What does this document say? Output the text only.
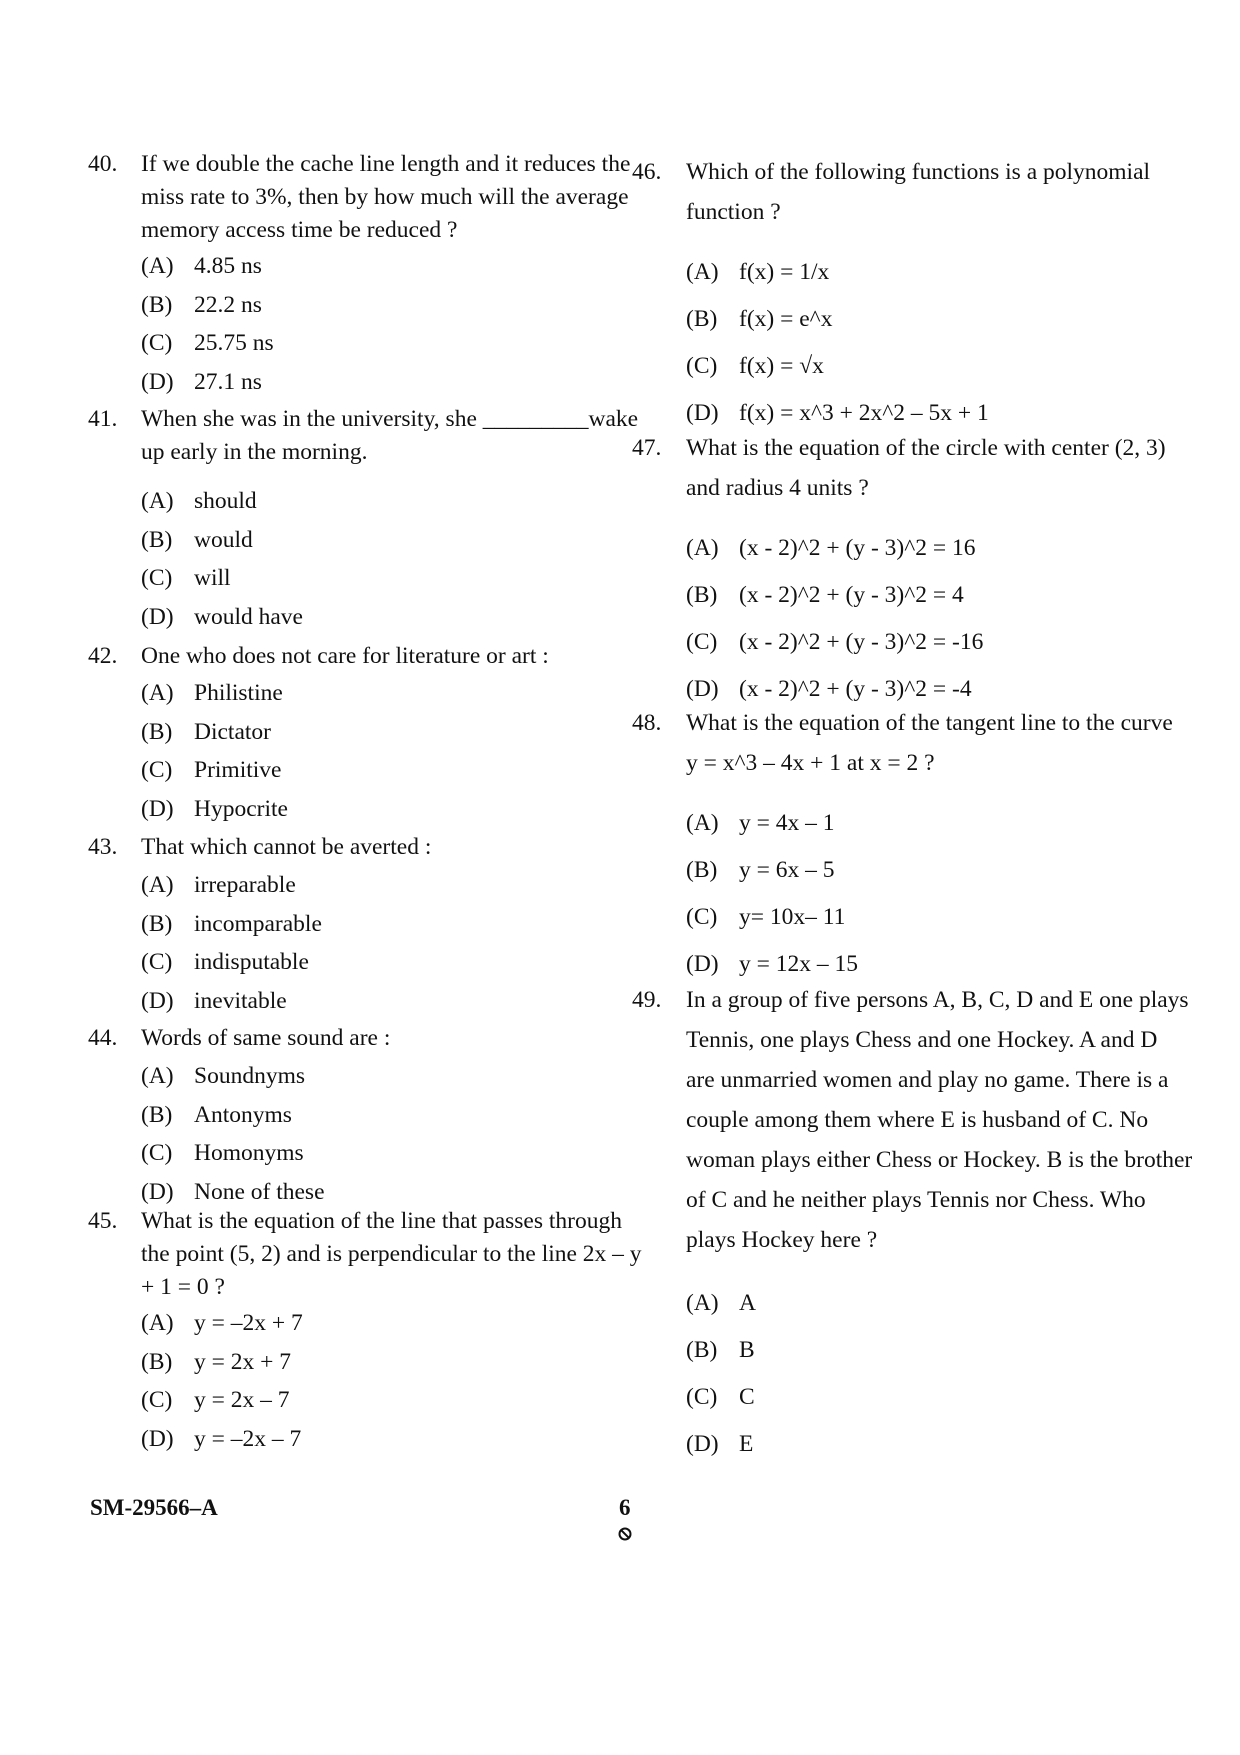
40. If we double the cache line length and it reduces the
miss rate to 3%, then by how much will the average
memory access time be reduced ?
(A) 4.85 ns
(B) 22.2 ns
(C) 25.75 ns
(D) 27.1 ns
41. When she was in the university, she _________wake
up early in the morning.
(A) should
(B) would
(C) will
(D) would have
42. One who does not care for literature or art :
(A) Philistine
(B) Dictator
(C) Primitive
(D) Hypocrite
43. That which cannot be averted :
(A) irreparable
(B) incomparable
(C) indisputable
(D) inevitable
44. Words of same sound are :
(A) Soundnyms
(B) Antonyms
(C) Homonyms
(D) None of these
45. What is the equation of the line that passes through
the point (5, 2) and is perpendicular to the line 2x – y
+ 1 = 0 ?
(A) y = –2x + 7
(B) y = 2x + 7
(C) y = 2x – 7
(D) y = –2x – 7
46. Which of the following functions is a polynomial
function ?
(A) f(x) = 1/x
(B) f(x) = e^x
(C) f(x) = √x
(D) f(x) = x^3 + 2x^2 – 5x + 1
47. What is the equation of the circle with center (2, 3)
and radius 4 units ?
(A) (x - 2)^2 + (y - 3)^2 = 16
(B) (x - 2)^2 + (y - 3)^2 = 4
(C) (x - 2)^2 + (y - 3)^2 = -16
(D) (x - 2)^2 + (y - 3)^2 = -4
48. What is the equation of the tangent line to the curve
y = x^3 – 4x + 1 at x = 2 ?
(A) y = 4x – 1
(B) y = 6x – 5
(C) y= 10x– 11
(D) y = 12x – 15
49. In a group of five persons A, B, C, D and E one plays
Tennis, one plays Chess and one Hockey. A and D
are unmarried women and play no game. There is a
couple among them where E is husband of C. No
woman plays either Chess or Hockey. B is the brother
of C and he neither plays Tennis nor Chess. Who
plays Hockey here ?
(A) A
(B) B
(C) C
(D) E
SM-29566–A	6
